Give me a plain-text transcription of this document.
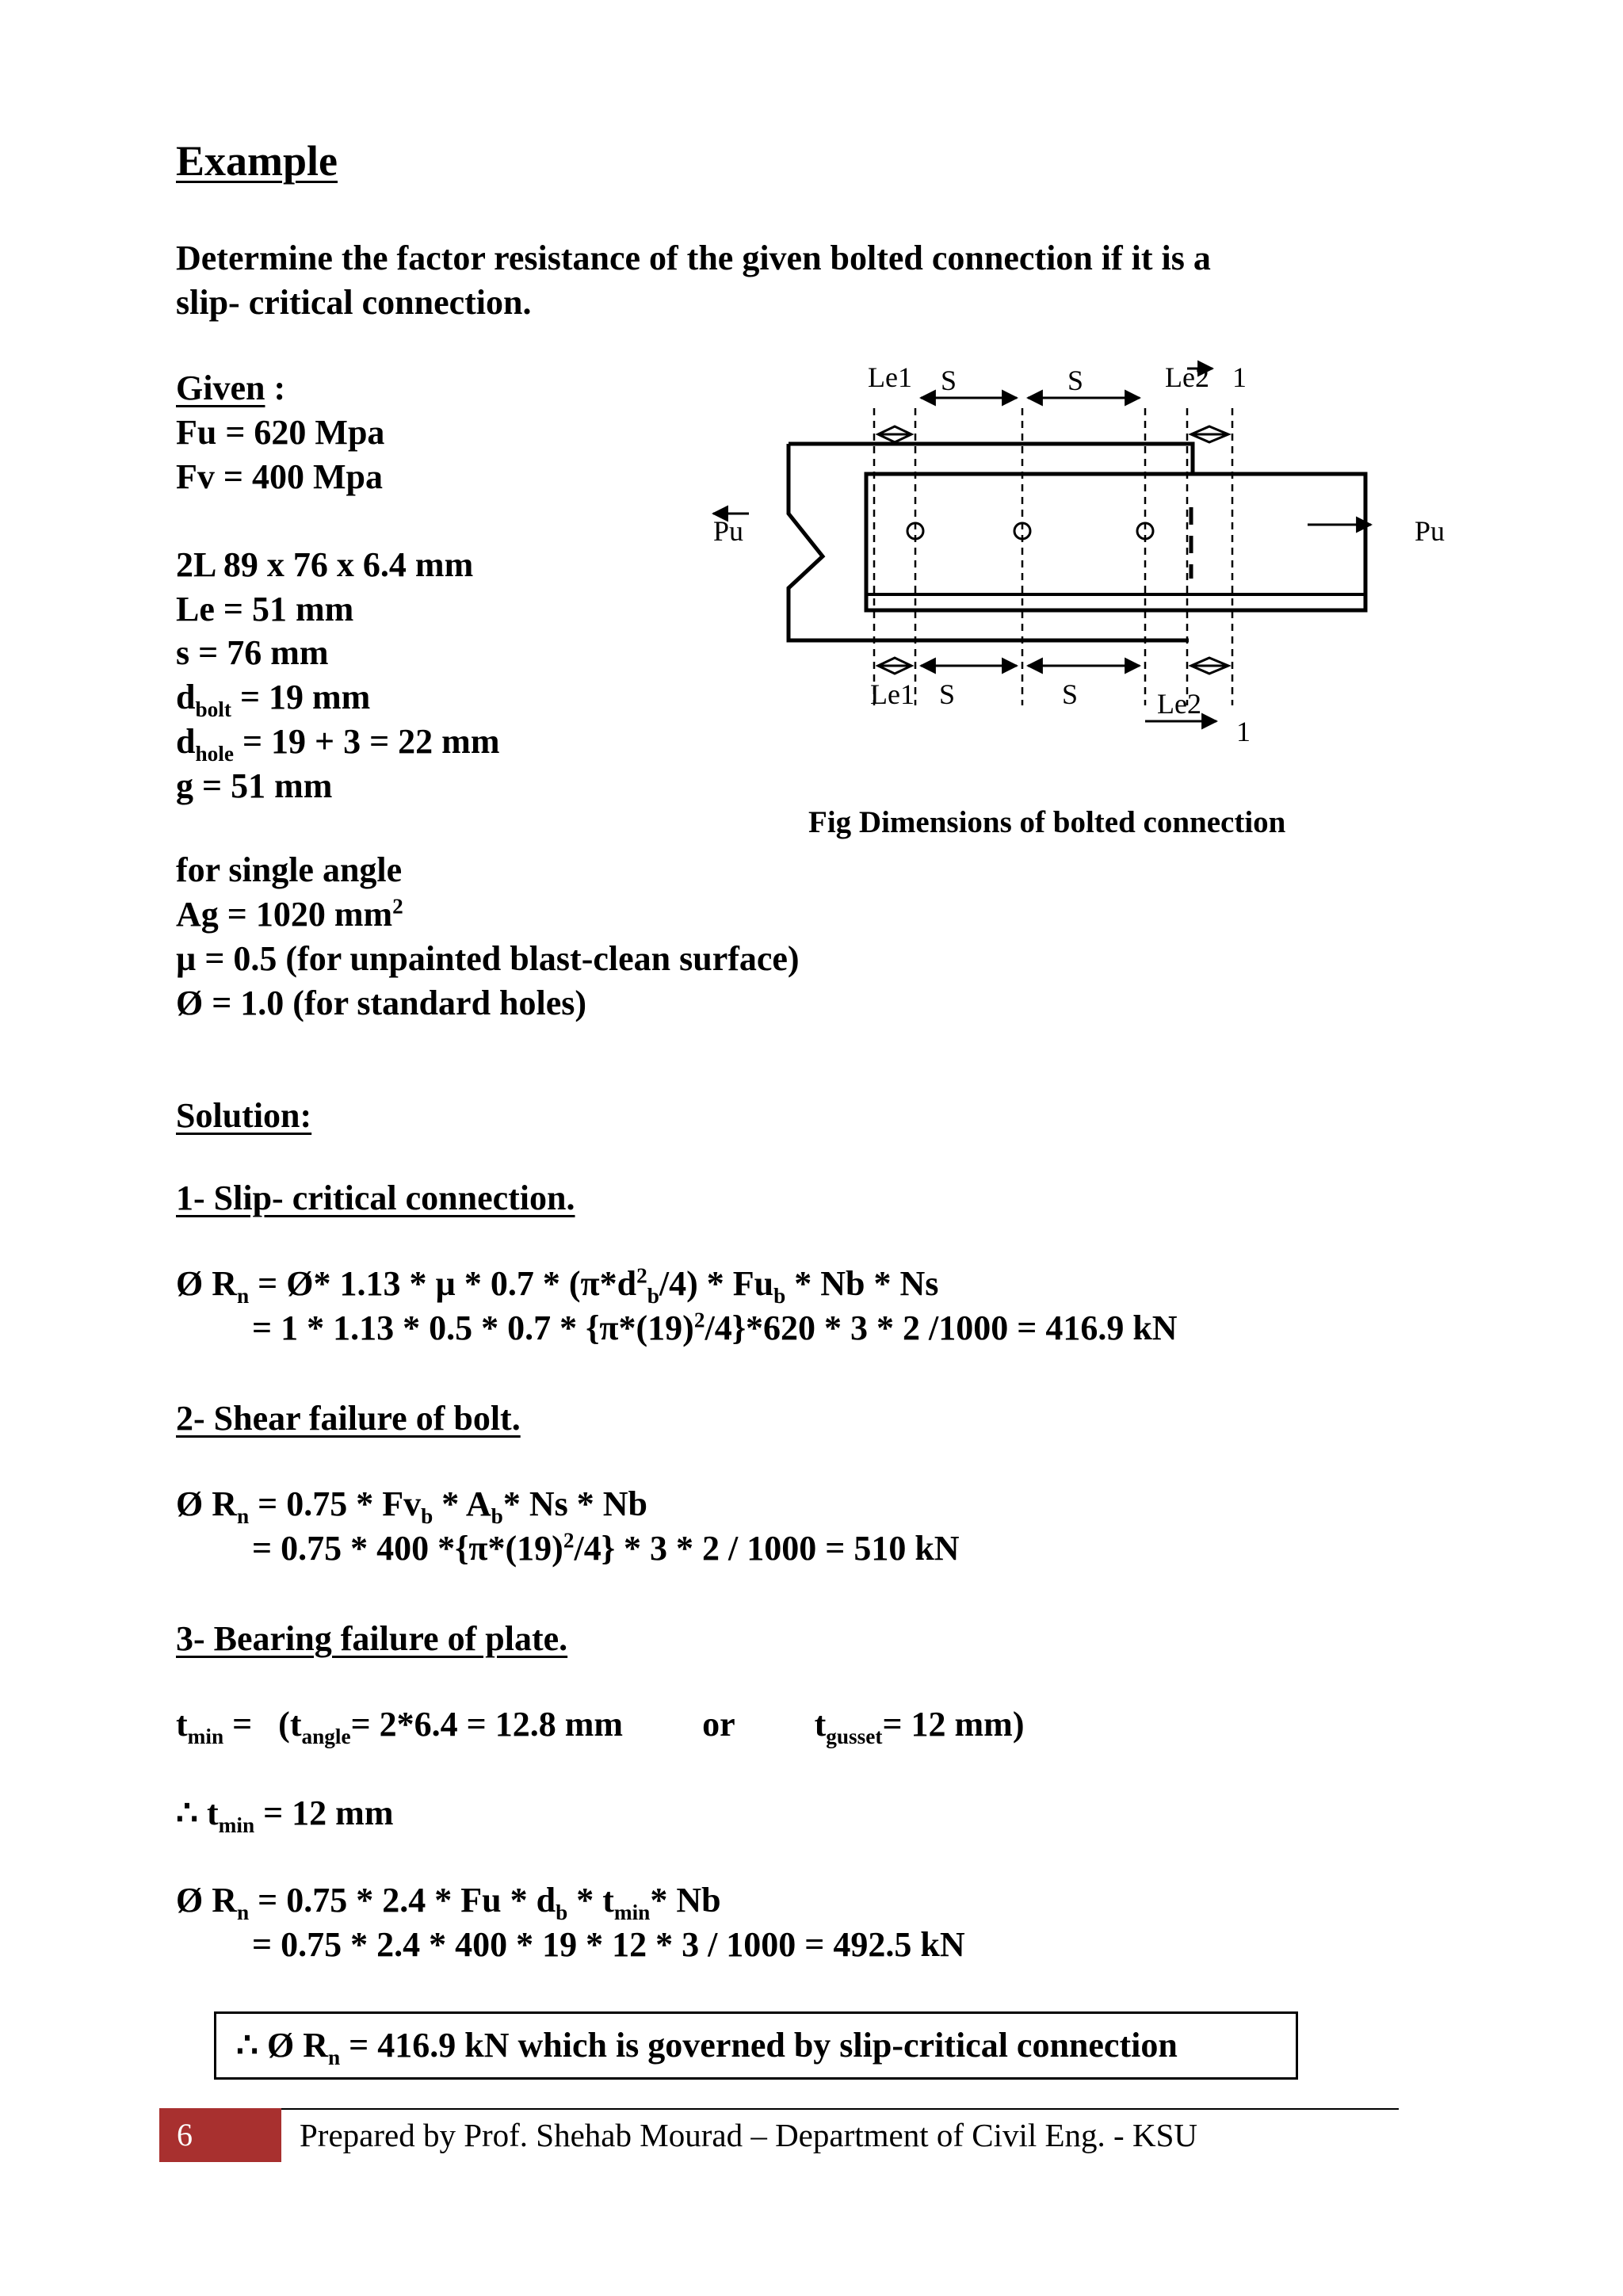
Example
Determine the factor resistance of the given bolted connection if it is a
slip- critical connection.
Given :
Fu = 620 Mpa
Fv = 400 Mpa
2L 89 x 76 x 6.4 mm
Le = 51 mm
s = 76 mm
$d_{bolt} = 19$ mm
$d_{hole} = 19 + 3 = 22$ mm
g = 51 mm
for single angle
Ag = 1020 $mm^2$
µ = 0.5 (for unpainted blast-clean surface)
Ø = 1.0 (for standard holes)
Pu	Pu
Le1 S	S	Le2 1
Le1 S	S	Le2
1
Fig Dimensions of bolted connection
Solution:
1- Slip- critical connection.
Ø $R_n$ = Ø* 1.13 * µ * $0.7 * (\pi*d^2_b/4) * Fu_b$ * Nb * Ns
= $1 * 1.13 * 0.5 * 0.7 * \{\pi*(19)^2/4\}*620 * 3 * 2$ /1000 = 416.9 kN
2- Shear failure of bolt.
Ø $R_n = 0.75 * Fv_b * A_b*$ Ns * Nb
= 0.75 * 400 $*\{\pi*(19)^2/4\} * 3 * 2 / 1000 = 510$ kN
3- Bearing failure of plate.
$t_{min} = (t_{angle}= 2*6.4 = 12.8$ mm or $t_{gusset}= 12$ mm)
∴ $t_{min} = 12$ mm
Ø $R_n = 0.75 * 2.4 * Fu * d_b * t_{min}*$ Nb
= 0.75 * 2.4 * 400 * 19 * 12 * 3 / 1000 = 492.5 kN
∴ Ø $R_n = 416.9$ kN which is governed by slip-critical connection
6	Prepared by Prof. Shehab Mourad – Department of Civil Eng. - KSU
